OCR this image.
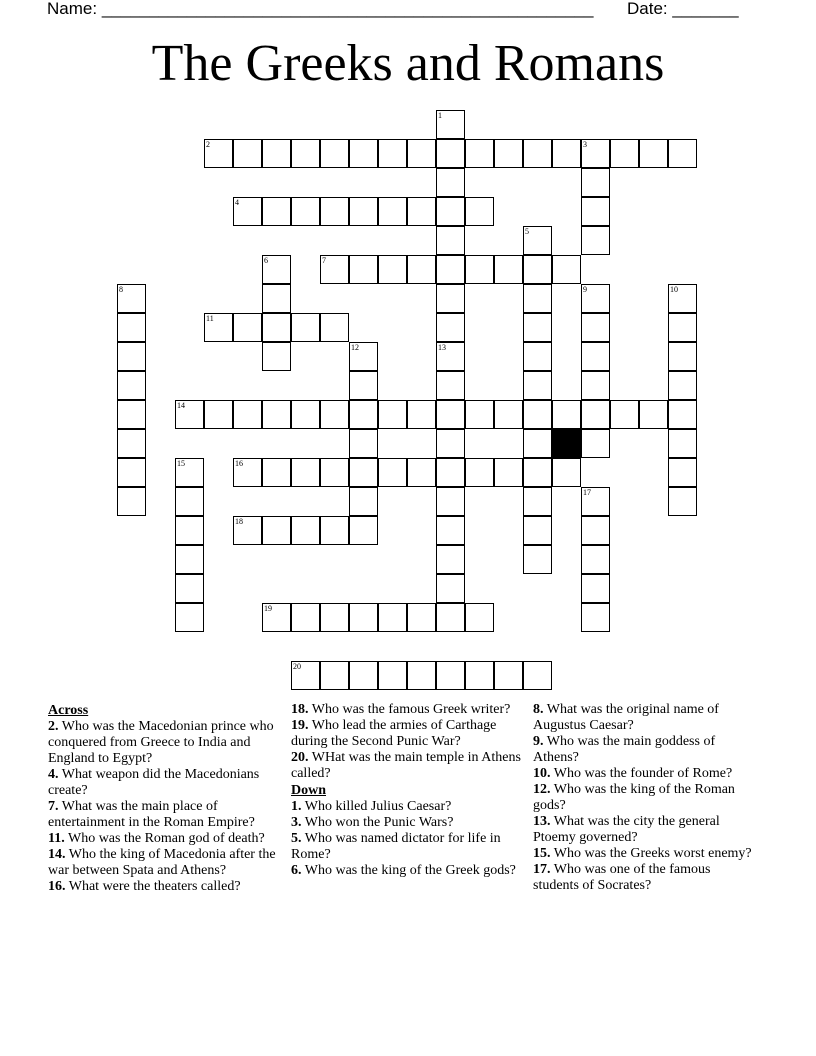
Name: ____________________________________________________ Date: _______
The Greeks and Romans
1
13
2	3
4
5
6	7
8	9	10
11
12
14
15	16
17
18
19
20
Across
2. Who was the Macedonian prince who conquered from Greece to India and England to Egypt?
4. What weapon did the Macedonians create?
7. What was the main place of entertainment in the Roman Empire?
11. Who was the Roman god of death?
14. Who the king of Macedonia after the war between Spata and Athens?
16. What were the theaters called?
18. Who was the famous Greek writer?
19. Who lead the armies of Carthage during the Second Punic War?
20. WHat was the main temple in Athens called?
Down
1. Who killed Julius Caesar?
3. Who won the Punic Wars?
5. Who was named dictator for life in Rome?
6. Who was the king of the Greek gods?
8. What was the original name of Augustus Caesar?
9. Who was the main goddess of Athens?
10. Who was the founder of Rome?
12. Who was the king of the Roman gods?
13. What was the city the general Ptoemy governed?
15. Who was the Greeks worst enemy?
17. Who was one of the famous students of Socrates?
